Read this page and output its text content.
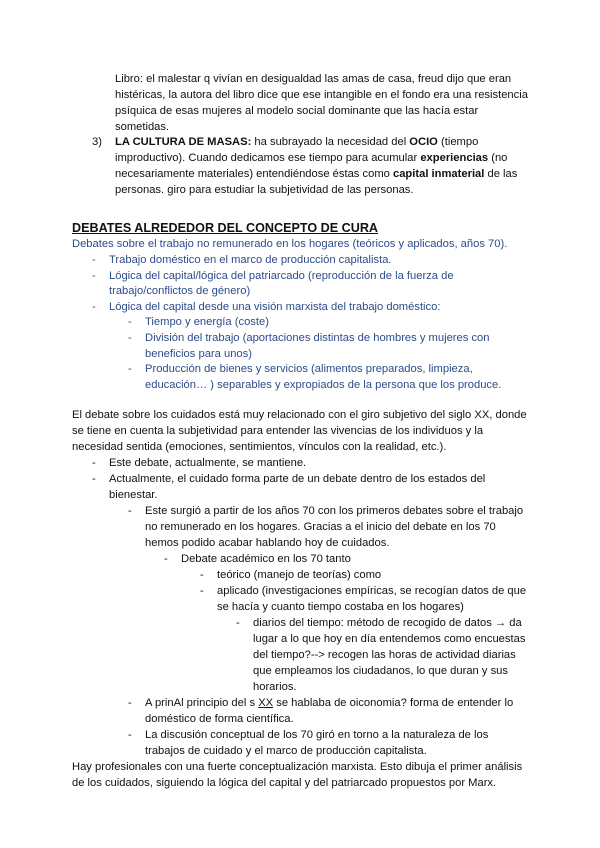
Libro: el malestar q vivían en desigualdad las amas de casa, freud dijo que eran
histéricas, la autora del libro dice que ese intangible en el fondo era una resistencia
psíquica de esas mujeres al modelo social dominante que las hacía estar
sometidas.
3) LA CULTURA DE MASAS: ha subrayado la necesidad del OCIO (tiempo
improductivo). Cuando dedicamos ese tiempo para acumular experiencias (no
necesariamente materiales) entendiéndose éstas como capital inmaterial de las
personas. giro para estudiar la subjetividad de las personas.
DEBATES ALREDEDOR DEL CONCEPTO DE CURA
Debates sobre el trabajo no remunerado en los hogares (teóricos y aplicados, años 70).
- Trabajo doméstico en el marco de producción capitalista.
- Lógica del capital/lógica del patriarcado (reproducción de la fuerza de
trabajo/conflictos de género)
- Lógica del capital desde una visión marxista del trabajo doméstico:
- Tiempo y energía (coste)
- División del trabajo (aportaciones distintas de hombres y mujeres con
beneficios para unos)
- Producción de bienes y servicios (alimentos preparados, limpieza,
educación… ) separables y expropiados de la persona que los produce.
El debate sobre los cuidados está muy relacionado con el giro subjetivo del siglo XX, donde
se tiene en cuenta la subjetividad para entender las vivencias de los individuos y la
necesidad sentida (emociones, sentimientos, vínculos con la realidad, etc.).
- Este debate, actualmente, se mantiene.
- Actualmente, el cuidado forma parte de un debate dentro de los estados del
bienestar.
- Este surgió a partir de los años 70 con los primeros debates sobre el trabajo
no remunerado en los hogares. Gracias a el inicio del debate en los 70
hemos podido acabar hablando hoy de cuidados.
- Debate académico en los 70 tanto
- teórico (manejo de teorías) como
- aplicado (investigaciones empíricas, se recogían datos de que
se hacía y cuanto tiempo costaba en los hogares)
- diarios del tiempo: método de recogido de datos → da
lugar a lo que hoy en día entendemos como encuestas
del tiempo?--> recogen las horas de actividad diarias
que empleamos los ciudadanos, lo que duran y sus
horarios.
- A prinAl principio del s XX se hablaba de oiconomia? forma de entender lo
doméstico de forma científica.
- La discusión conceptual de los 70 giró en torno a la naturaleza de los
trabajos de cuidado y el marco de producción capitalista.
Hay profesionales con una fuerte conceptualización marxista. Esto dibuja el primer análisis
de los cuidados, siguiendo la lógica del capital y del patriarcado propuestos por Marx.
